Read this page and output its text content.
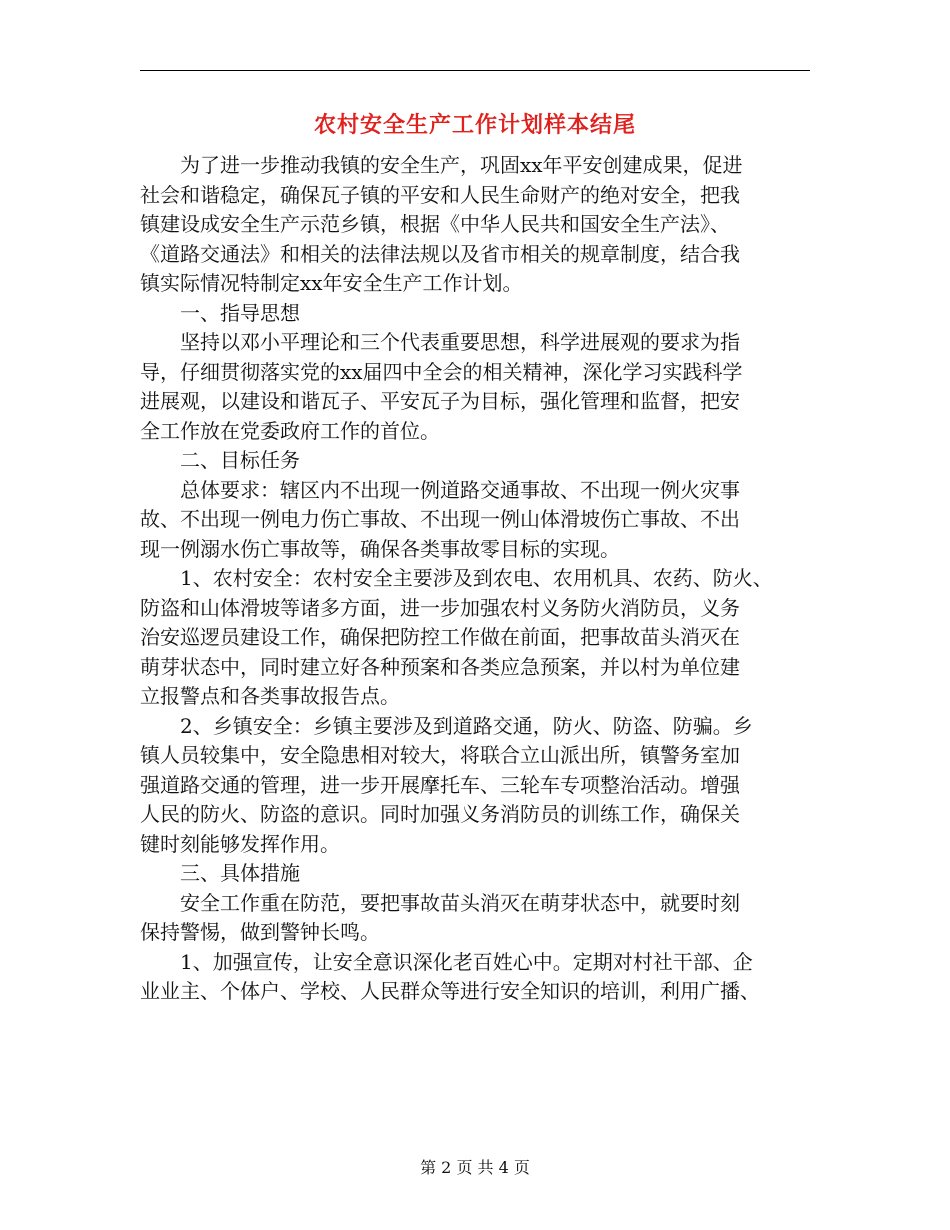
农村安全生产工作计划样本结尾
为了进一步推动我镇的安全生产，巩固xx年平安创建成果，促进
社会和谐稳定，确保瓦子镇的平安和人民生命财产的绝对安全，把我
镇建设成安全生产示范乡镇，根据《中华人民共和国安全生产法》、
《道路交通法》和相关的法律法规以及省市相关的规章制度，结合我
镇实际情况特制定xx年安全生产工作计划。
一、指导思想
坚持以邓小平理论和三个代表重要思想，科学进展观的要求为指
导，仔细贯彻落实党的xx届四中全会的相关精神，深化学习实践科学
进展观，以建设和谐瓦子、平安瓦子为目标，强化管理和监督，把安
全工作放在党委政府工作的首位。
二、目标任务
总体要求：辖区内不出现一例道路交通事故、不出现一例火灾事
故、不出现一例电力伤亡事故、不出现一例山体滑坡伤亡事故、不出
现一例溺水伤亡事故等，确保各类事故零目标的实现。
1、农村安全：农村安全主要涉及到农电、农用机具、农药、防火、
防盗和山体滑坡等诸多方面，进一步加强农村义务防火消防员，义务
治安巡逻员建设工作，确保把防控工作做在前面，把事故苗头消灭在
萌芽状态中，同时建立好各种预案和各类应急预案，并以村为单位建
立报警点和各类事故报告点。
2、乡镇安全：乡镇主要涉及到道路交通，防火、防盗、防骗。乡
镇人员较集中，安全隐患相对较大，将联合立山派出所，镇警务室加
强道路交通的管理，进一步开展摩托车、三轮车专项整治活动。增强
人民的防火、防盗的意识。同时加强义务消防员的训练工作，确保关
键时刻能够发挥作用。
三、具体措施
安全工作重在防范，要把事故苗头消灭在萌芽状态中，就要时刻
保持警惕，做到警钟长鸣。
1、加强宣传，让安全意识深化老百姓心中。定期对村社干部、企
业业主、个体户、学校、人民群众等进行安全知识的培训，利用广播、
第 2 页 共 4 页
